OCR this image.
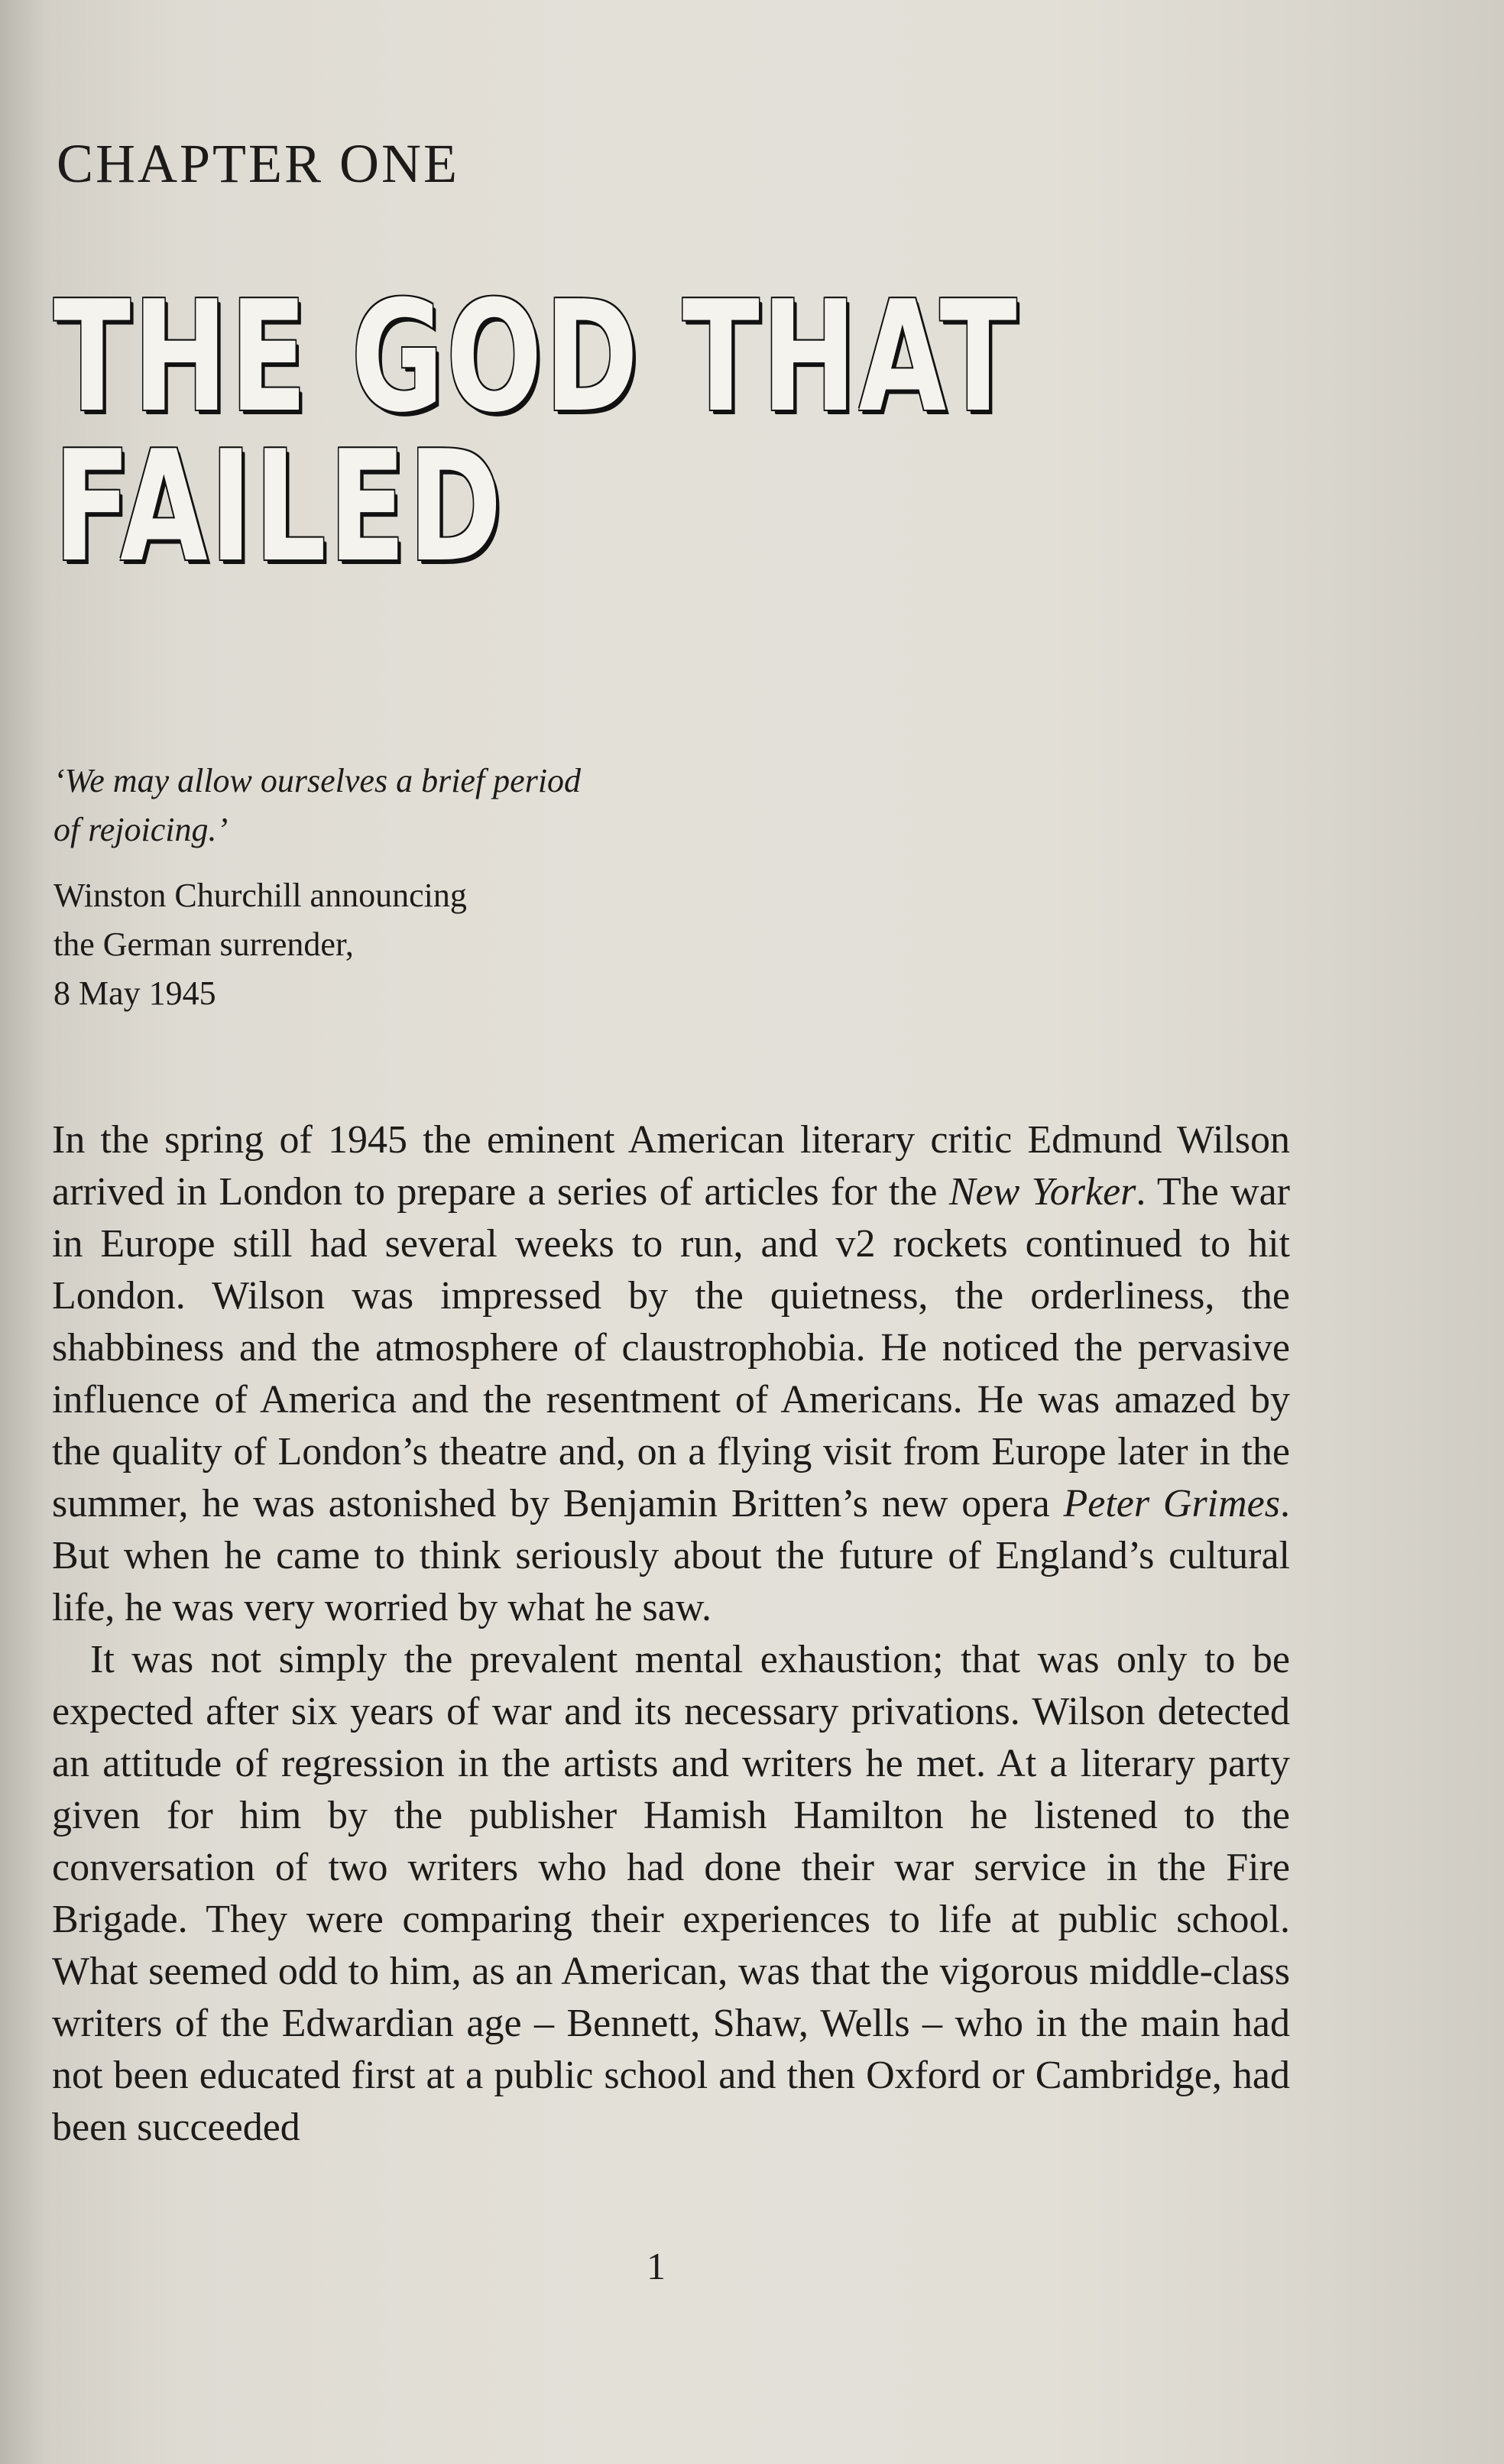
CHAPTER ONE
THE GOD THAT
FAILED

‘We may allow ourselves a brief period of rejoicing.’

Winston Churchill announcing
the German surrender,
8 May 1945

In the spring of 1945 the eminent American literary critic Edmund Wilson arrived in London to prepare a series of articles for the New Yorker. The war in Europe still had several weeks to run, and v2 rockets continued to hit London. Wilson was impressed by the quietness, the orderliness, the shabbiness and the atmosphere of claustrophobia. He noticed the pervasive influence of America and the resentment of Americans. He was amazed by the quality of London’s theatre and, on a flying visit from Europe later in the summer, he was astonished by Benjamin Britten’s new opera Peter Grimes. But when he came to think seriously about the future of England’s cultural life, he was very worried by what he saw.

It was not simply the prevalent mental exhaustion; that was only to be expected after six years of war and its necessary privations. Wilson detected an attitude of regression in the artists and writers he met. At a literary party given for him by the publisher Hamish Hamilton he listened to the conversation of two writers who had done their war service in the Fire Brigade. They were comparing their experiences to life at public school. What seemed odd to him, as an American, was that the vigorous middle-class writers of the Edwardian age – Bennett, Shaw, Wells – who in the main had not been educated first at a public school and then Oxford or Cambridge, had been succeeded

1
